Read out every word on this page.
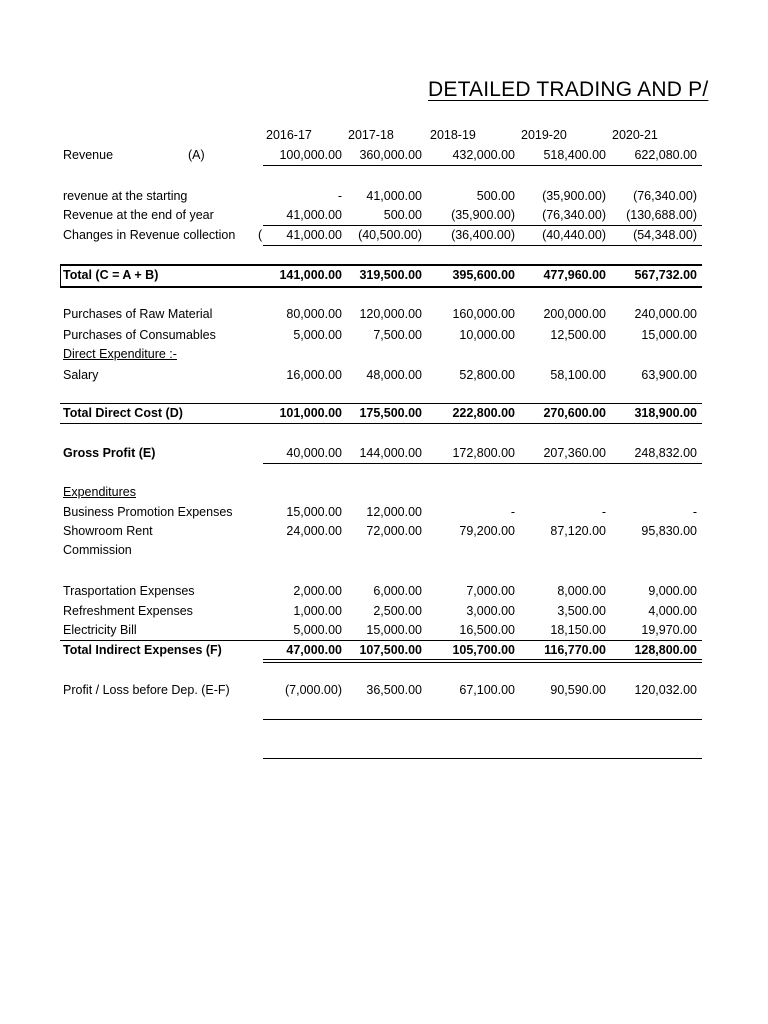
DETAILED TRADING AND P/
2016-17	2017-18	2018-19	2019-20	2020-21
Revenue	(A)	100,000.00 360,000.00 432,000.00 518,400.00 622,080.00
revenue at the starting	- 41,000.00	500.00 (35,900.00) (76,340.00)
Revenue at the end of year	41,000.00	500.00 (35,900.00) (76,340.00) (130,688.00)
Changes in Revenue collection ( 41,000.00 (40,500.00) (36,400.00) (40,440.00) (54,348.00)
Total (C = A + B)	141,000.00 319,500.00 395,600.00 477,960.00 567,732.00
Purchases of Raw Material	80,000.00 120,000.00 160,000.00 200,000.00 240,000.00
Purchases of Consumables	5,000.00	7,500.00	10,000.00	12,500.00	15,000.00
Direct Expenditure :-
Salary	16,000.00 48,000.00	52,800.00	58,100.00	63,900.00
Total Direct Cost (D)	101,000.00 175,500.00 222,800.00 270,600.00 318,900.00
Gross Profit (E)	40,000.00 144,000.00 172,800.00 207,360.00 248,832.00
Expenditures
Business Promotion Expenses	15,000.00 12,000.00	-	-	-
Showroom Rent	24,000.00 72,000.00	79,200.00	87,120.00	95,830.00
Commission
Trasportation Expenses	2,000.00	6,000.00	7,000.00	8,000.00	9,000.00
Refreshment Expenses	1,000.00	2,500.00	3,000.00	3,500.00	4,000.00
Electricity Bill	5,000.00 15,000.00	16,500.00	18,150.00	19,970.00
Total Indirect Expenses (F)	47,000.00 107,500.00 105,700.00 116,770.00 128,800.00
Profit / Loss before Dep. (E-F)	(7,000.00) 36,500.00	67,100.00	90,590.00 120,032.00
